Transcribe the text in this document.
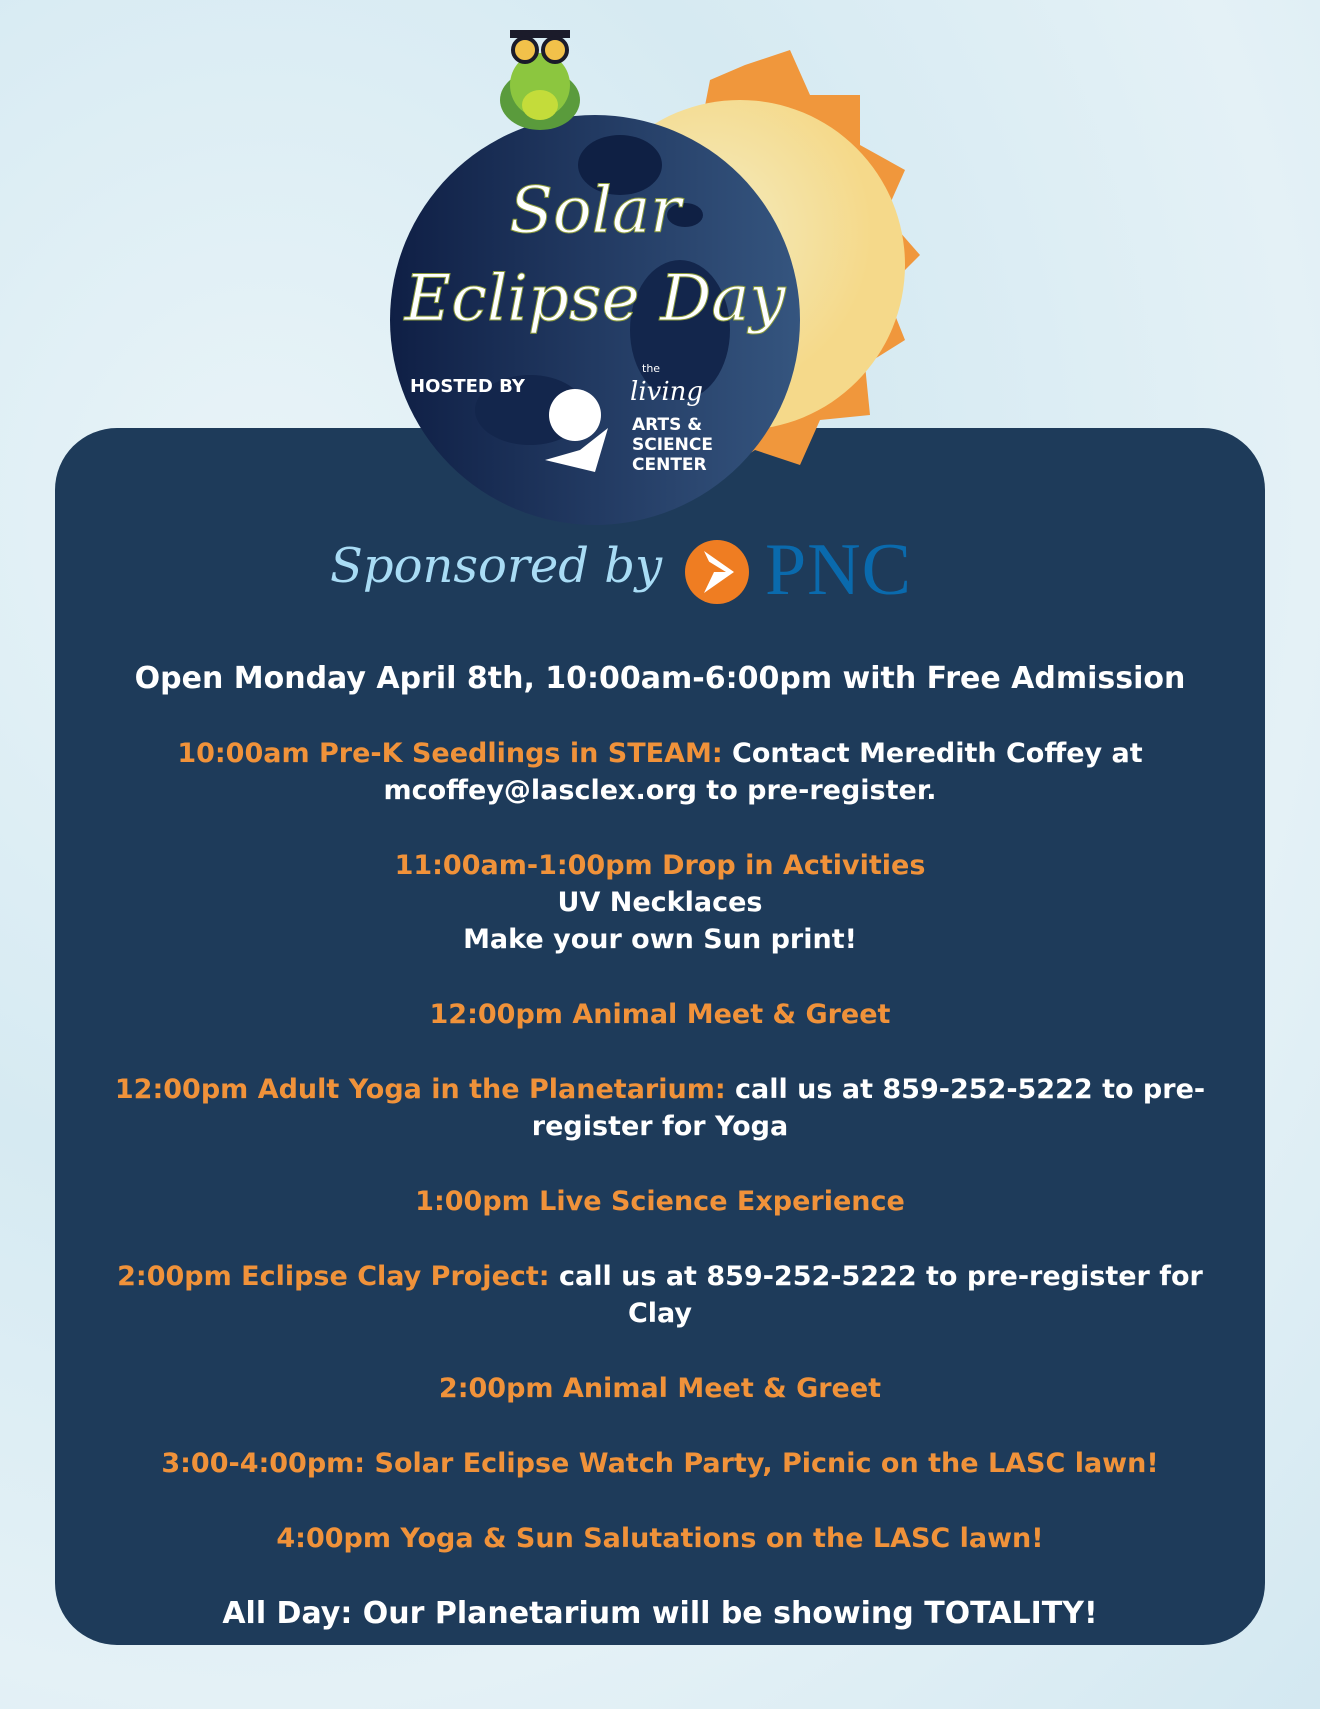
Solar
Eclipse Day
HOSTED BY
the
living
ARTS &
SCIENCE
CENTER
Sponsored by PNC

Open Monday April 8th, 10:00am-6:00pm with Free Admission

10:00am Pre-K Seedlings in STEAM: Contact Meredith Coffey at mcoffey@lasclex.org to pre-register.

11:00am-1:00pm Drop in Activities
UV Necklaces
Make your own Sun print!

12:00pm Animal Meet & Greet

12:00pm Adult Yoga in the Planetarium: call us at 859-252-5222 to pre-register for Yoga

1:00pm Live Science Experience

2:00pm Eclipse Clay Project: call us at 859-252-5222 to pre-register for Clay

2:00pm Animal Meet & Greet

3:00-4:00pm: Solar Eclipse Watch Party, Picnic on the LASC lawn!

4:00pm Yoga & Sun Salutations on the LASC lawn!

All Day: Our Planetarium will be showing TOTALITY!
